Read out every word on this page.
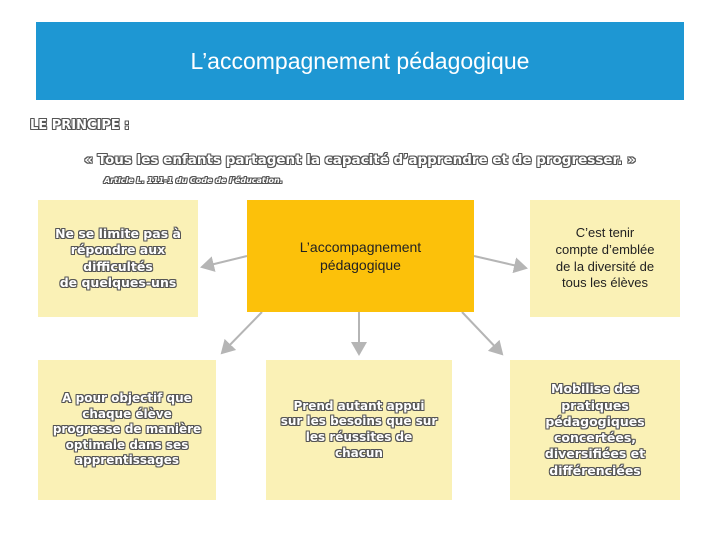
L’accompagnement pédagogique
LE PRINCIPE :
« Tous les enfants partagent la capacité d’apprendre et de progresser. »
Article L. 111-1 du Code de l’éducation.
Ne se limite pas à
répondre aux
difficultés
de quelques-uns
L’accompagnement
pédagogique
C’est tenir
compte d’emblée
de la diversité de
tous les élèves
A pour objectif que
chaque élève
progresse de manière
optimale dans ses
apprentissages
Prend autant appui
sur les besoins que sur
les réussites de
chacun
Mobilise des
pratiques
pédagogiques
concertées,
diversifiées et
différenciées
